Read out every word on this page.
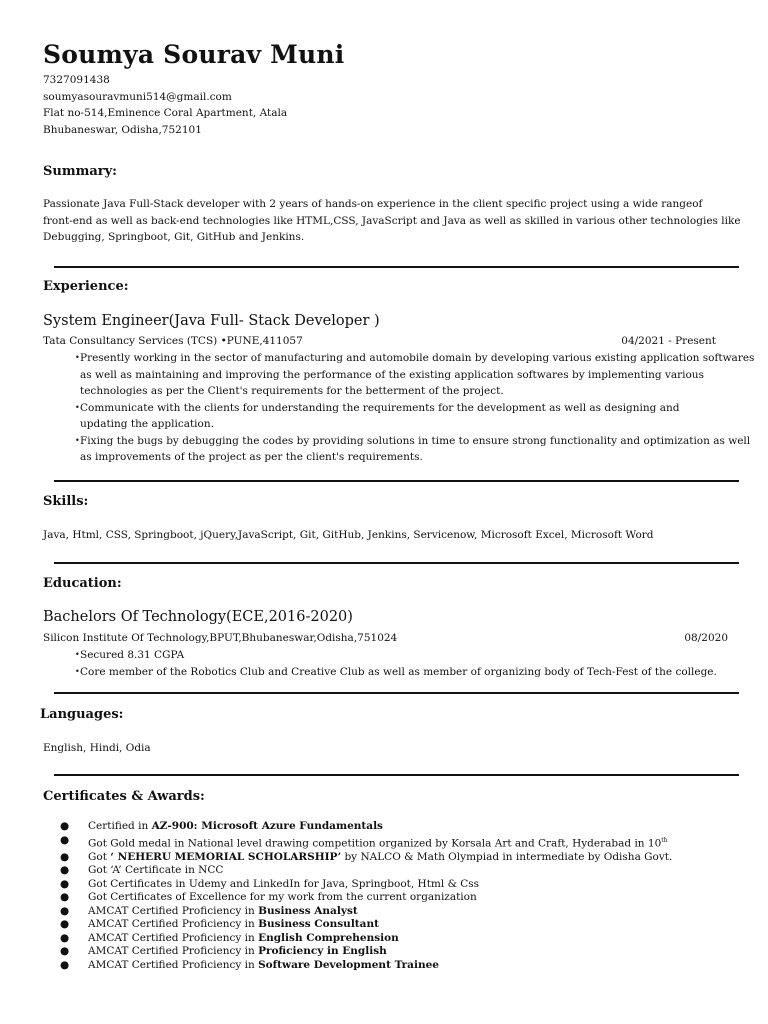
Soumya Sourav Muni
7327091438
soumyasouravmuni514@gmail.com
Flat no-514,Eminence Coral Apartment, Atala
Bhubaneswar, Odisha,752101
Summary:
Passionate Java Full-Stack developer with 2 years of hands-on experience in the client specific project using a wide rangeof
front-end as well as back-end technologies like HTML,CSS, JavaScript and Java as well as skilled in various other technologies like
Debugging, Springboot, Git, GitHub and Jenkins.
Experience:
System Engineer(Java Full- Stack Developer )
Tata Consultancy Services (TCS) •PUNE,411057	04/2021 - Present
• Presently working in the sector of manufacturing and automobile domain by developing various existing application softwares
as well as maintaining and improving the performance of the existing application softwares by implementing various
technologies as per the Client's requirements for the betterment of the project.
• Communicate with the clients for understanding the requirements for the development as well as designing and
updating the application.
• Fixing the bugs by debugging the codes by providing solutions in time to ensure strong functionality and optimization as well
as improvements of the project as per the client's requirements.
Skills:
Java, Html, CSS, Springboot, jQuery,JavaScript, Git, GitHub, Jenkins, Servicenow, Microsoft Excel, Microsoft Word
Education:
Bachelors Of Technology(ECE,2016-2020)
Silicon Institute Of Technology,BPUT,Bhubaneswar,Odisha,751024	08/2020
• Secured 8.31 CGPA
• Core member of the Robotics Club and Creative Club as well as member of organizing body of Tech-Fest of the college.
Languages:
English, Hindi, Odia
Certificates & Awards:
● Certified in AZ-900: Microsoft Azure Fundamentals
● Got Gold medal in National level drawing competition organized by Korsala Art and Craft, Hyderabad in 10th
● Got ‘ NEHERU MEMORIAL SCHOLARSHIP’ by NALCO & Math Olympiad in intermediate by Odisha Govt.
● Got ‘A’ Certificate in NCC
● Got Certificates in Udemy and LinkedIn for Java, Springboot, Html & Css
● Got Certificates of Excellence for my work from the current organization
● AMCAT Certified Proficiency in Business Analyst
● AMCAT Certified Proficiency in Business Consultant
● AMCAT Certified Proficiency in English Comprehension
● AMCAT Certified Proficiency in Proficiency in English
● AMCAT Certified Proficiency in Software Development Trainee
